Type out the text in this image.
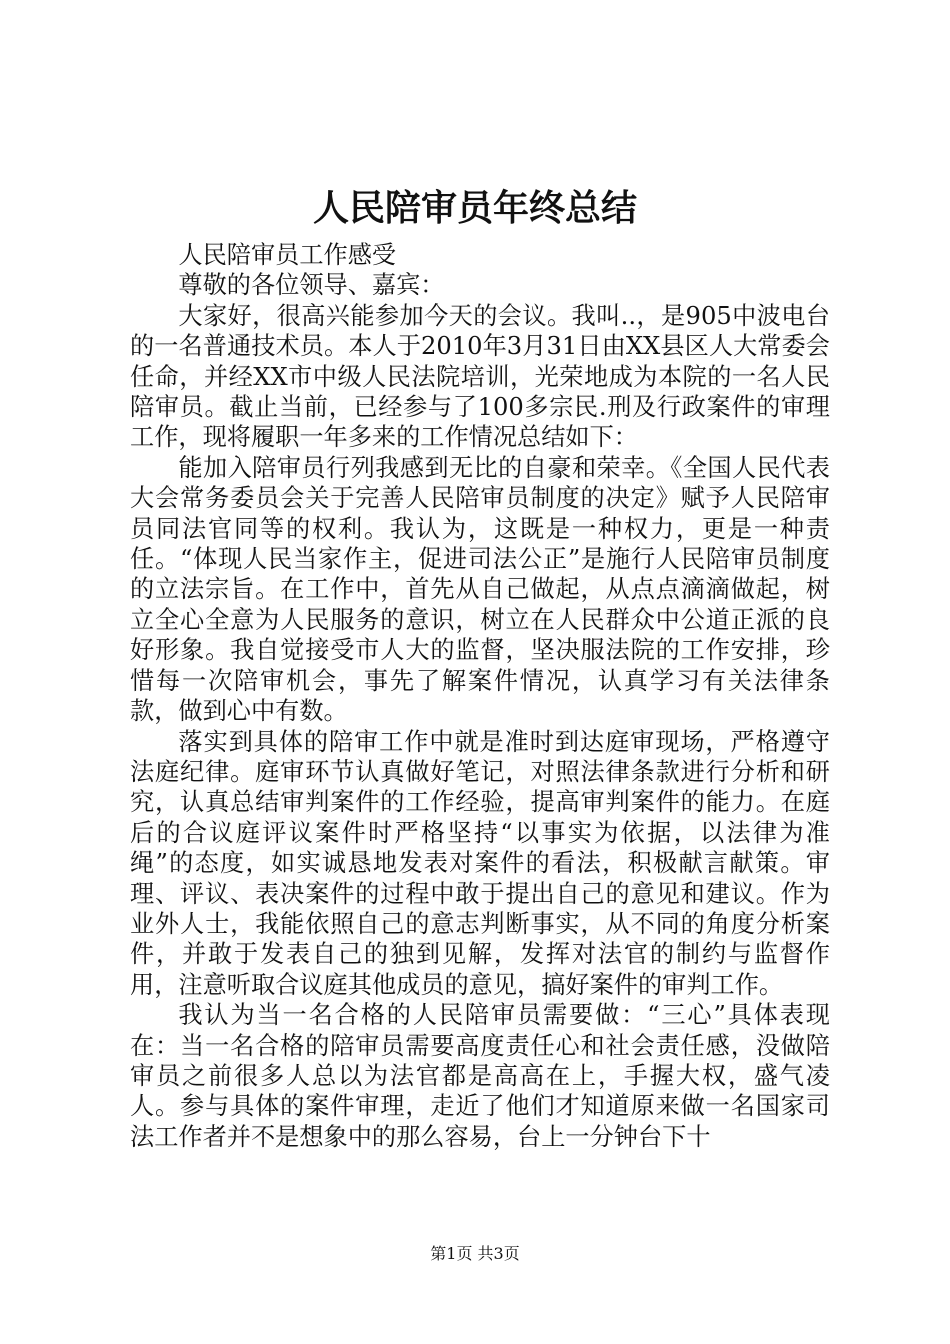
人民陪审员年终总结

人民陪审员工作感受

尊敬的各位领导、嘉宾：

大家好，很高兴能参加今天的会议。我叫..，是905中波电台的一名普通技术员。本人于2010年3月31日由XX县区人大常委会任命，并经XX市中级人民法院培训，光荣地成为本院的一名人民陪审员。截止当前，已经参与了100多宗民.刑及行政案件的审理工作，现将履职一年多来的工作情况总结如下：

能加入陪审员行列我感到无比的自豪和荣幸。《全国人民代表大会常务委员会关于完善人民陪审员制度的决定》赋予人民陪审员同法官同等的权利。我认为，这既是一种权力，更是一种责任。“体现人民当家作主，促进司法公正”是施行人民陪审员制度的立法宗旨。在工作中，首先从自己做起，从点点滴滴做起，树立全心全意为人民服务的意识，树立在人民群众中公道正派的良好形象。我自觉接受市人大的监督，坚决服法院的工作安排，珍惜每一次陪审机会，事先了解案件情况，认真学习有关法律条款，做到心中有数。

落实到具体的陪审工作中就是准时到达庭审现场，严格遵守法庭纪律。庭审环节认真做好笔记，对照法律条款进行分析和研究，认真总结审判案件的工作经验，提高审判案件的能力。在庭后的合议庭评议案件时严格坚持“以事实为依据，以法律为准绳”的态度，如实诚恳地发表对案件的看法，积极献言献策。审理、评议、表决案件的过程中敢于提出自己的意见和建议。作为业外人士，我能依照自己的意志判断事实，从不同的角度分析案件，并敢于发表自己的独到见解，发挥对法官的制约与监督作用，注意听取合议庭其他成员的意见，搞好案件的审判工作。

我认为当一名合格的人民陪审员需要做：“三心”具体表现在：当一名合格的陪审员需要高度责任心和社会责任感，没做陪审员之前很多人总以为法官都是高高在上，手握大权，盛气凌人。参与具体的案件审理，走近了他们才知道原来做一名国家司法工作者并不是想象中的那么容易，台上一分钟台下十

第1页 共3页
